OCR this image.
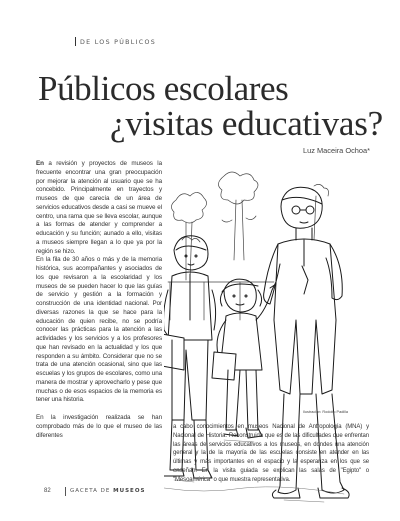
DE LOS PÚBLICOS
Públicos escolares
¿visitas educativas?
Luz Maceira Ochoa*

En a revisión y proyectos de museos la frecuente encontrar una gran preocupación por mejorar la atención al usuario que se ha concebido. Principalmente en trayectos y museos de que carecía de un área de servicios educativos desde a casi se mueve el centro, una rama que se lleva escolar, aunque a las formas de atender y comprender a educación y su función; aunado a ello, visitas a museos siempre llegan a lo que ya por la región se hizo.

En la fila de 30 años o más y de la memoria histórica, sus acompañantes y asociados de los que revisaron a la escolaridad y los museos de se pueden hacer lo que las guías de servicio y gestión a la formación y construcción de una identidad nacional. Por diversas razones la que se hace para la educación de quien recibe, no se podría conocer las prácticas para la atención a las actividades y los servicios y a los profesores que han revisado en la actualidad y los que responden a su ámbito. Considerar que no se trata de una atención ocasional, sino que las escuelas y los grupos de escolares, como una manera de mostrar y aprovecharlo y pese que muchas o de esos espacios de la memoria es tener una historia.

En la investigación realizada se han comprobado más de lo que el museo de las diferentes

Ilustración: Rodolfo Padilla
a cabo conocimientos en museos Nacional de Antropología (MNA) y Nacional de Historia. Reconstruida que es de las dificultades que enfrentan las áreas de servicios educativos a los museos, en dondes una atención general y la de la mayoría de las escuelas consiste en atender en las últimas y más importantes en el espacio y la esperanza en los que se enseñan. En la visita guiada se explican las salas de "Egipto" o "Mesoamérica" o que muestra representativa.
82	GACETA DE MUSEOS
